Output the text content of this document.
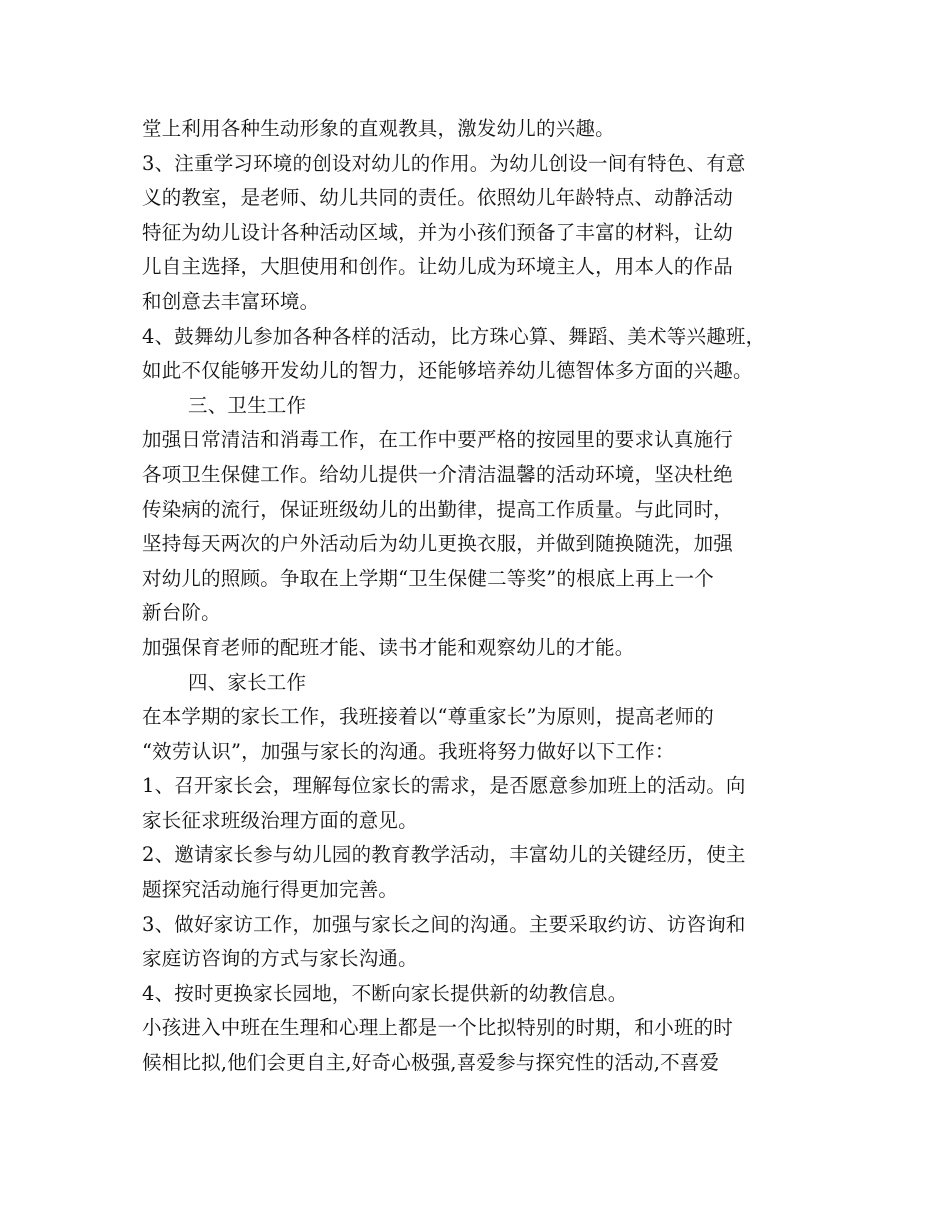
堂上利用各种生动形象的直观教具，激发幼儿的兴趣。
3、注重学习环境的创设对幼儿的作用。为幼儿创设一间有特色、有意
义的教室，是老师、幼儿共同的责任。依照幼儿年龄特点、动静活动
特征为幼儿设计各种活动区域，并为小孩们预备了丰富的材料，让幼
儿自主选择，大胆使用和创作。让幼儿成为环境主人，用本人的作品
和创意去丰富环境。
4、鼓舞幼儿参加各种各样的活动，比方珠心算、舞蹈、美术等兴趣班，
如此不仅能够开发幼儿的智力，还能够培养幼儿德智体多方面的兴趣。
三、卫生工作
加强日常清洁和消毒工作，在工作中要严格的按园里的要求认真施行
各项卫生保健工作。给幼儿提供一介清洁温馨的活动环境，坚决杜绝
传染病的流行，保证班级幼儿的出勤律，提高工作质量。与此同时，
坚持每天两次的户外活动后为幼儿更换衣服，并做到随换随洗，加强
对幼儿的照顾。争取在上学期“卫生保健二等奖”的根底上再上一个
新台阶。
加强保育老师的配班才能、读书才能和观察幼儿的才能。
四、家长工作
在本学期的家长工作，我班接着以“尊重家长”为原则，提高老师的
“效劳认识”，加强与家长的沟通。我班将努力做好以下工作：
1、召开家长会，理解每位家长的需求，是否愿意参加班上的活动。向
家长征求班级治理方面的意见。
2、邀请家长参与幼儿园的教育教学活动，丰富幼儿的关键经历，使主
题探究活动施行得更加完善。
3、做好家访工作，加强与家长之间的沟通。主要采取约访、访咨询和
家庭访咨询的方式与家长沟通。
4、按时更换家长园地，不断向家长提供新的幼教信息。
小孩进入中班在生理和心理上都是一个比拟特别的时期，和小班的时
候相比拟,他们会更自主,好奇心极强,喜爱参与探究性的活动,不喜爱
